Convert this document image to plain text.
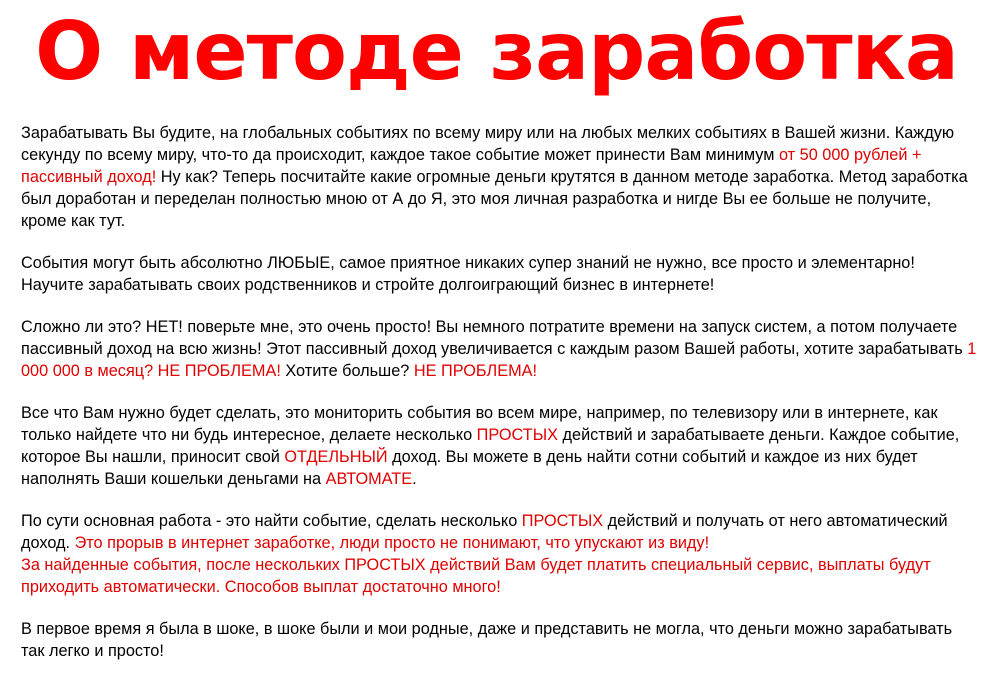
О методе заработка

Зарабатывать Вы будите, на глобальных событиях по всему миру или на любых мелких событиях в Вашей жизни. Каждую секунду по всему миру, что-то да происходит, каждое такое событие может принести Вам минимум от 50 000 рублей + пассивный доход! Ну как? Теперь посчитайте какие огромные деньги крутятся в данном методе заработка. Метод заработка был доработан и переделан полностью мною от А до Я, это моя личная разработка и нигде Вы ее больше не получите, кроме как тут.

События могут быть абсолютно ЛЮБЫЕ, самое приятное никаких супер знаний не нужно, все просто и элементарно! Научите зарабатывать своих родственников и стройте долгоиграющий бизнес в интернете!

Сложно ли это? НЕТ! поверьте мне, это очень просто! Вы немного потратите времени на запуск систем, а потом получаете пассивный доход на всю жизнь! Этот пассивный доход увеличивается с каждым разом Вашей работы, хотите зарабатывать 1 000 000 в месяц? НЕ ПРОБЛЕМА! Хотите больше? НЕ ПРОБЛЕМА!

Все что Вам нужно будет сделать, это мониторить события во всем мире, например, по телевизору или в интернете, как только найдете что ни будь интересное, делаете несколько ПРОСТЫХ действий и зарабатываете деньги. Каждое событие, которое Вы нашли, приносит свой ОТДЕЛЬНЫЙ доход. Вы можете в день найти сотни событий и каждое из них будет наполнять Ваши кошельки деньгами на АВТОМАТЕ.

По сути основная работа - это найти событие, сделать несколько ПРОСТЫХ действий и получать от него автоматический доход. Это прорыв в интернет заработке, люди просто не понимают, что упускают из виду!
За найденные события, после нескольких ПРОСТЫХ действий Вам будет платить специальный сервис, выплаты будут приходить автоматически. Способов выплат достаточно много!

В первое время я была в шоке, в шоке были и мои родные, даже и представить не могла, что деньги можно зарабатывать так легко и просто!
